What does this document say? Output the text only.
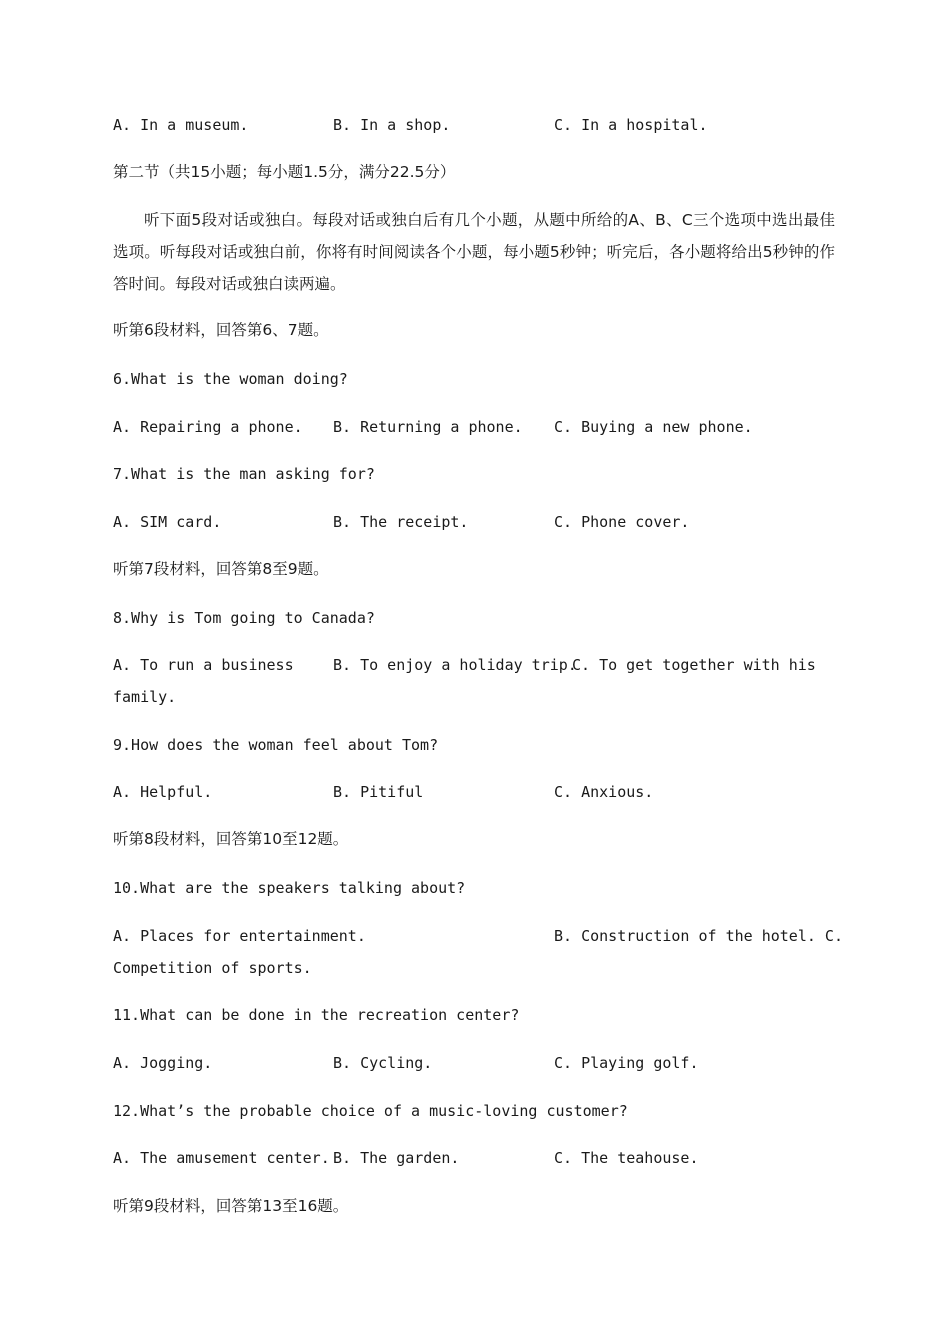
A. In a museum.	B. In a shop.	C. In a hospital.
第二节（共15小题；每小题1.5分，满分22.5分）
听下面5段对话或独白。每段对话或独白后有几个小题，从题中所给的A、B、C三个选项中选出最佳选项。听每段对话或独白前，你将有时间阅读各个小题，每小题5秒钟；听完后，各小题将给出5秒钟的作答时间。每段对话或独白读两遍。
听第6段材料，回答第6、7题。
6.What is the woman doing?
A. Repairing a phone. B. Returning a phone. C. Buying a new phone.
7.What is the man asking for?
A. SIM card.	B. The receipt.	C. Phone cover.
听第7段材料，回答第8至9题。
8.Why is Tom going to Canada?
A. To run a business	B. To enjoy a holiday trip.
C. To get together with his
family.
9.How does the woman feel about Tom?
A. Helpful.	B. Pitiful	C. Anxious.
听第8段材料，回答第10至12题。
10.What are the speakers talking about?
A. Places for entertainment.	B. Construction of the hotel. C.
Competition of sports.
11.What can be done in the recreation center?
A. Jogging.	B. Cycling.	C. Playing golf.
12.What’s the probable choice of a music-loving customer?
A. The amusement center. B. The garden.	C. The teahouse.
听第9段材料，回答第13至16题。
